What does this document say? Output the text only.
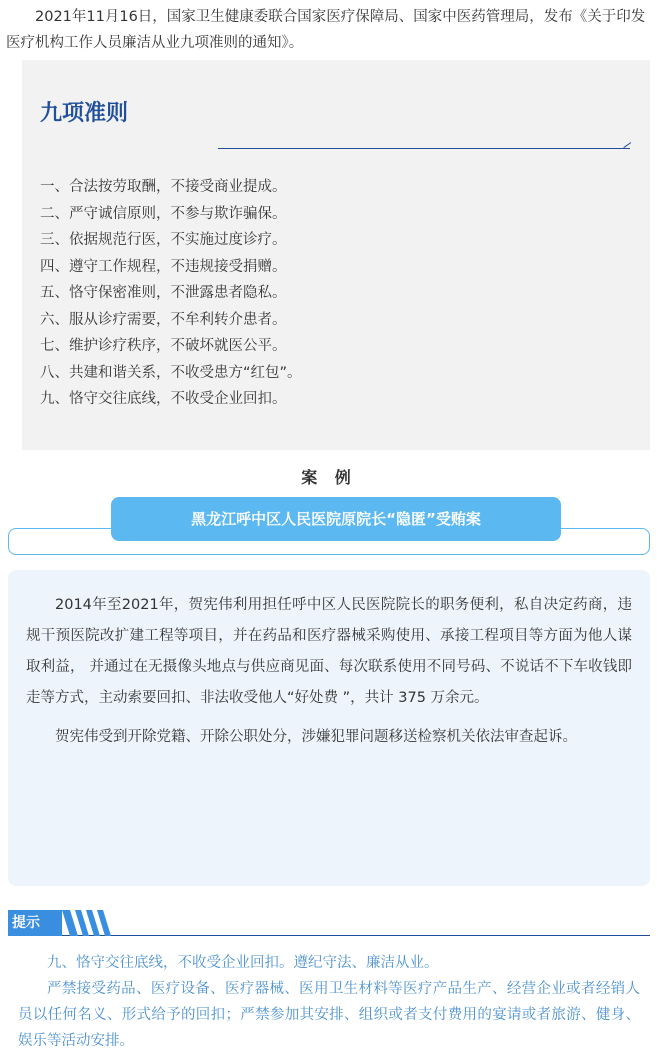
2021年11月16日，国家卫生健康委联合国家医疗保障局、国家中医药管理局，发布《关于印发医疗机构工作人员廉洁从业九项准则的通知》。

九项准则
一、合法按劳取酬，不接受商业提成。
二、严守诚信原则，不参与欺诈骗保。
三、依据规范行医，不实施过度诊疗。
四、遵守工作规程，不违规接受捐赠。
五、恪守保密准则，不泄露患者隐私。
六、服从诊疗需要，不牟利转介患者。
七、维护诊疗秩序，不破坏就医公平。
八、共建和谐关系，不收受患方“红包”。
九、恪守交往底线，不收受企业回扣。
案 例
黑龙江呼中区人民医院原院长“隐匿”受贿案

2014年至2021年，贺宪伟利用担任呼中区人民医院院长的职务便利，私自决定药商，违规干预医院改扩建工程等项目，并在药品和医疗器械采购使用、承接工程项目等方面为他人谋取利益， 并通过在无摄像头地点与供应商见面、每次联系使用不同号码、不说话不下车收钱即走等方式，主动索要回扣、非法收受他人“好处费 ”，共计 375 万余元。

贺宪伟受到开除党籍、开除公职处分，涉嫌犯罪问题移送检察机关依法审查起诉。

提示

九、恪守交往底线，不收受企业回扣。遵纪守法、廉洁从业。

严禁接受药品、医疗设备、医疗器械、医用卫生材料等医疗产品生产、经营企业或者经销人员以任何名义、形式给予的回扣；严禁参加其安排、组织或者支付费用的宴请或者旅游、健身、娱乐等活动安排。
